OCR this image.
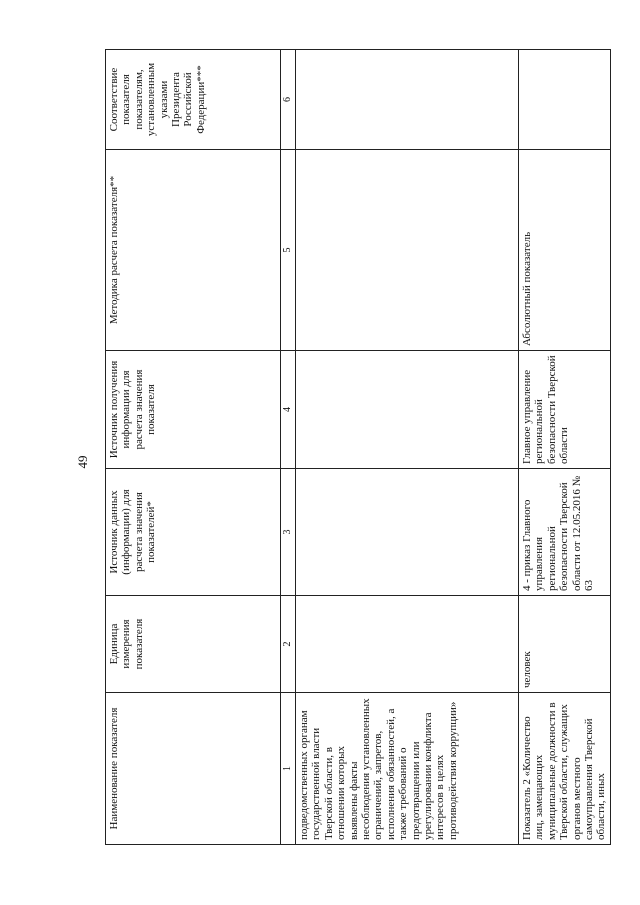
49
Наименование показателя	Единица измерения показателя	Источник данных (информации) для расчета значения показателей*	Источник получения информации для расчета значения показателя	Методика расчета показателя**	Соответствие показателя показателям, установленным указами Президента Российской Федерации***
1	2	3	4	5	6
подведомственных органам государственной власти Тверской области, в отношении которых выявлены факты несоблюдения установленных ограничений, запретов, исполнения обязанностей, а также требований о предотвращении или урегулировании конфликта интересов в целях противодействия коррупции»					
Показатель 2 «Количество лиц, замещающих муниципальные должности в Тверской области, служащих органов местного самоуправления Тверской области, иных	человек	4 - приказ Главного управления региональной безопасности Тверской области от 12.05.2016 № 63	Главное управление региональной безопасности Тверской области	Абсолютный показатель	
